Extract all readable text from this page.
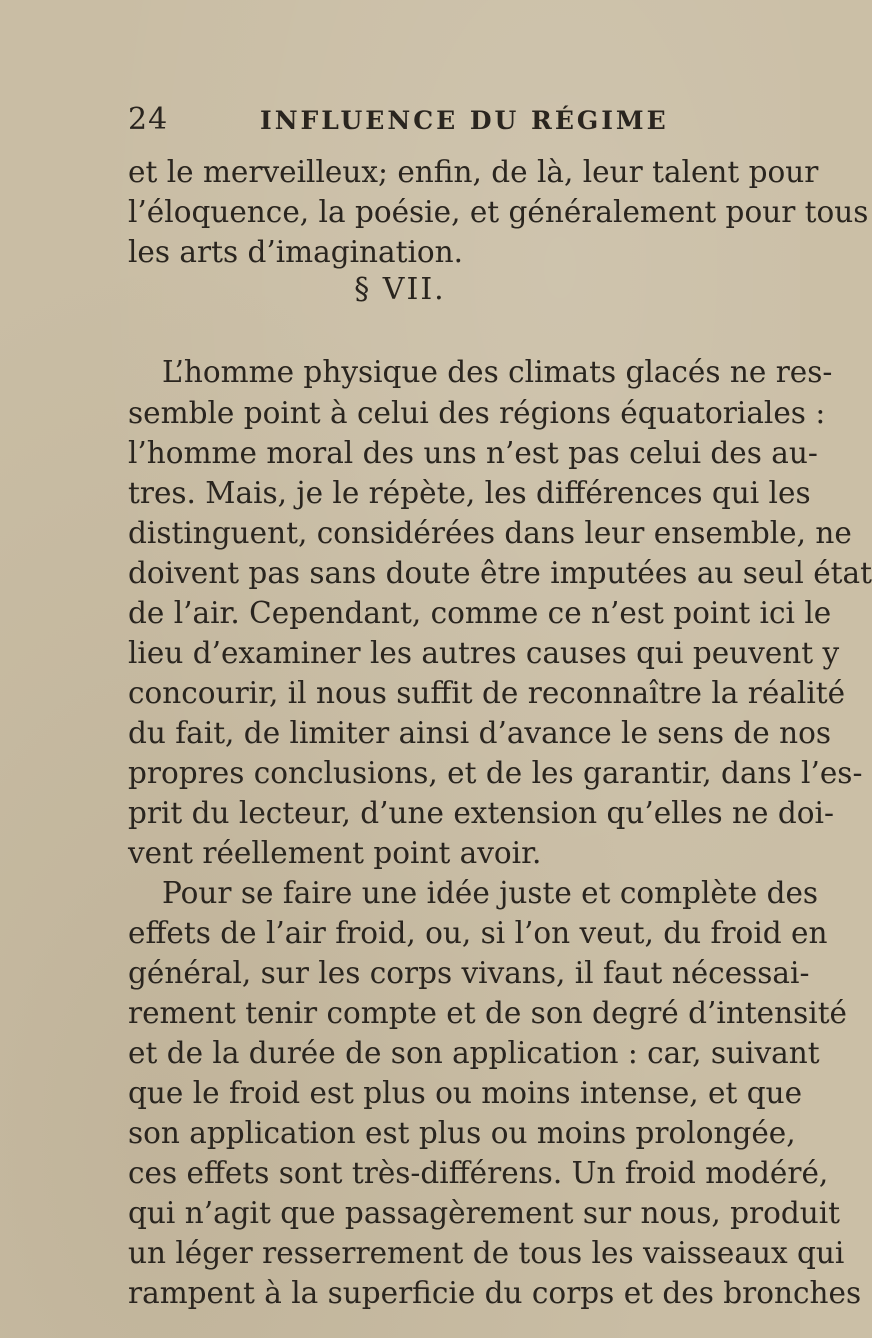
24	INFLUENCE DU RÉGIME
et le merveilleux; enfin, de là, leur talent pour
l’éloquence, la poésie, et généralement pour tous
les arts d’imagination.
§ VII.
L’homme physique des climats glacés ne res-
semble point à celui des régions équatoriales :
l’homme moral des uns n’est pas celui des au-
tres. Mais, je le répète, les différences qui les
distinguent, considérées dans leur ensemble, ne
doivent pas sans doute être imputées au seul état
de l’air. Cependant, comme ce n’est point ici le
lieu d’examiner les autres causes qui peuvent y
concourir, il nous suffit de reconnaître la réalité
du fait, de limiter ainsi d’avance le sens de nos
propres conclusions, et de les garantir, dans l’es-
prit du lecteur, d’une extension qu’elles ne doi-
vent réellement point avoir.
Pour se faire une idée juste et complète des
effets de l’air froid, ou, si l’on veut, du froid en
général, sur les corps vivans, il faut nécessai-
rement tenir compte et de son degré d’intensité
et de la durée de son application : car, suivant
que le froid est plus ou moins intense, et que
son application est plus ou moins prolongée,
ces effets sont très-différens. Un froid modéré,
qui n’agit que passagèrement sur nous, produit
un léger resserrement de tous les vaisseaux qui
rampent à la superficie du corps et des bronches
